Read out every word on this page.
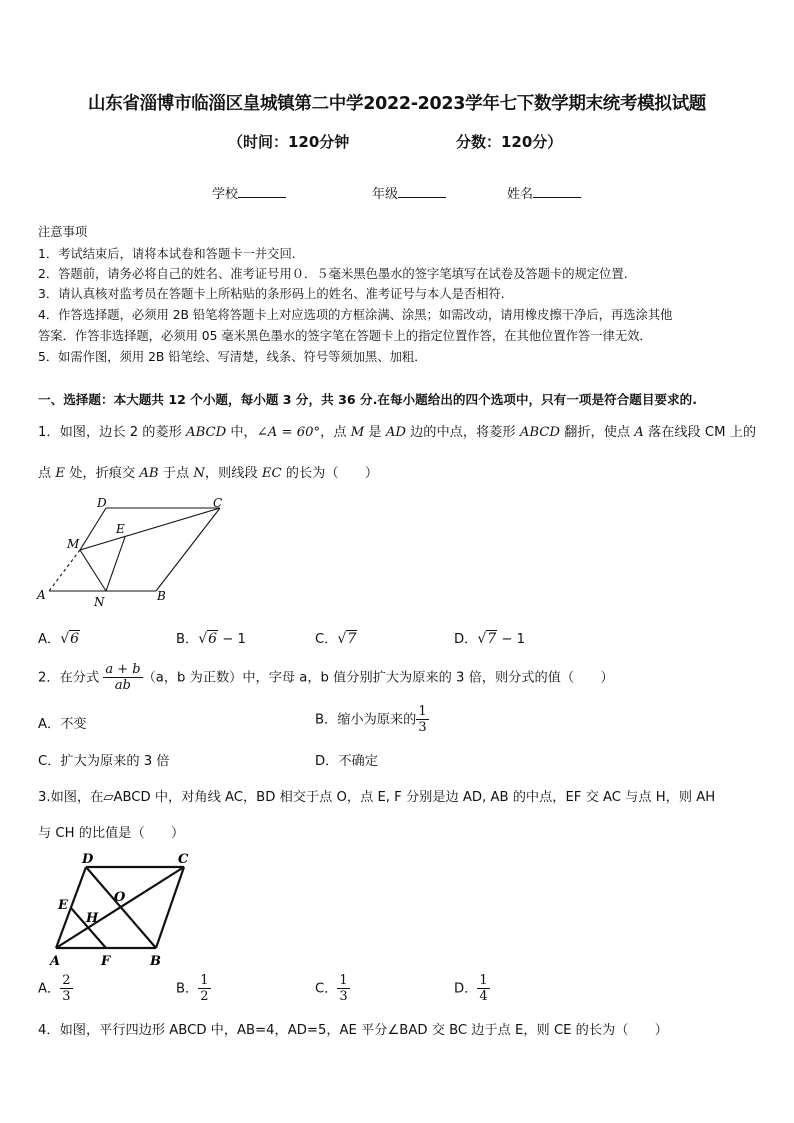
山东省淄博市临淄区皇城镇第二中学2022-2023学年七下数学期末统考模拟试题
（时间：120分钟	分数：120分）
学校	年级	姓名
注意事项
1．考试结束后，请将本试卷和答题卡一并交回.
2．答题前，请务必将自己的姓名、准考证号用０．５毫米黑色墨水的签字笔填写在试卷及答题卡的规定位置.
3．请认真核对监考员在答题卡上所粘贴的条形码上的姓名、准考证号与本人是否相符.
4．作答选择题，必须用 2B 铅笔将答题卡上对应选项的方框涂满、涂黑；如需改动，请用橡皮擦干净后，再选涂其他
答案．作答非选择题，必须用 05 毫米黑色墨水的签字笔在答题卡上的指定位置作答，在其他位置作答一律无效．
5．如需作图，须用 2B 铅笔绘、写清楚，线条、符号等须加黑、加粗．
一、选择题：本大题共 12 个小题，每小题 3 分，共 36 分.在每小题给出的四个选项中，只有一项是符合题目要求的.
1．如图，边长 2 的菱形 ABCD 中，∠A = 60°，点 M 是 AD 边的中点，将菱形 ABCD 翻折，使点 A 落在线段 CM 上的
点 E 处，折痕交 AB 于点 N，则线段 EC 的长为（　　）
D	C
E
M
A	N	B
A．√6	B．√6 − 1	C．√7	D．√7 − 1
2．在分式 $\frac{a + b}{ab} (a$，b 为正数）中，字母 a，b 值分别扩大为原来的 3 倍，则分式的值（　　）
A．不变	B．缩小为原来的 $\frac{1}{3}$
C．扩大为原来的 3 倍	D．不确定
3.如图，在▱ABCD 中，对角线 AC，BD 相交于点 O，点 E, F 分别是边 AD, AB 的中点，EF 交 AC 与点 H，则 AH
与 CH 的比值是（　　）
D	C
E
O
H
A	F	B
A． $\frac{2}{3}$	B． $\frac{1}{2}$	C． $\frac{1}{3}$	D． $\frac{1}{4}$
4．如图，平行四边形 ABCD 中，AB=4，AD=5，AE 平分∠BAD 交 BC 边于点 E，则 CE 的长为（　　）
